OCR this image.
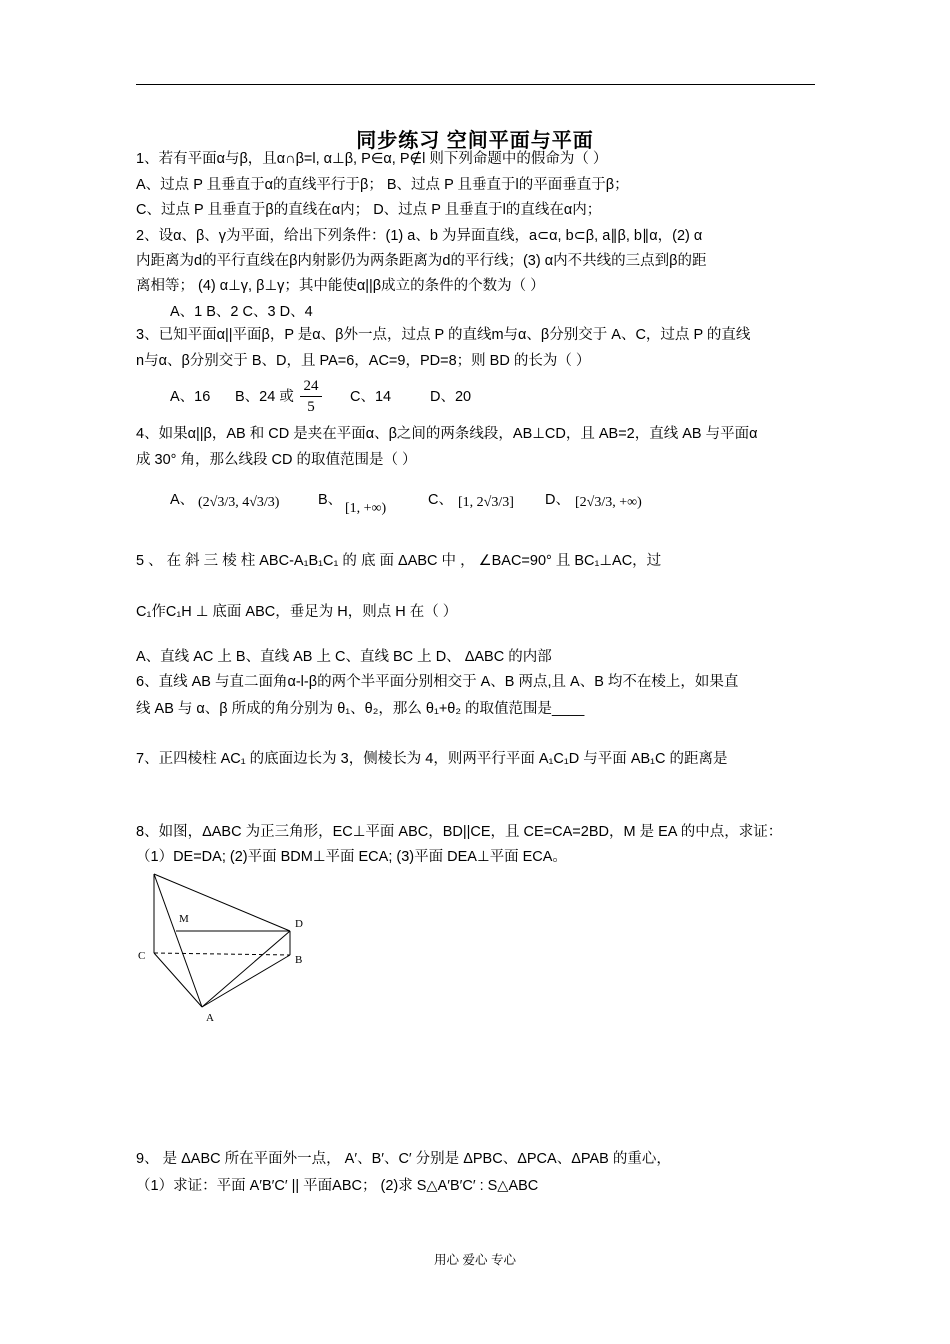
同步练习 空间平面与平面
1、若有平面α与β，且α∩β=l, α⊥β, P∈α, P∉l 则下列命题中的假命为（ ）
A、过点 P 且垂直于α的直线平行于β； B、过点 P 且垂直于l的平面垂直于β；
C、过点 P 且垂直于β的直线在α内； D、过点 P 且垂直于l的直线在α内；
2、设α、β、γ为平面，给出下列条件：(1) a、b 为异面直线，a⊂α, b⊂β, a∥β, b∥α，(2) α
内距离为d的平行直线在β内射影仍为两条距离为d的平行线；(3) α内不共线的三点到β的距
离相等； (4) α⊥γ, β⊥γ；其中能使α||β成立的条件的个数为（ ）
A、1 B、2 C、3 D、4
3、已知平面α||平面β，P 是α、β外一点，过点 P 的直线m与α、β分别交于 A、C，过点 P 的直线
n与α、β分别交于 B、D，且 PA=6，AC=9，PD=8；则 BD 的长为（ ）
A、16 B、24 或
24
5
C、14	D、20
4、如果α||β，AB 和 CD 是夹在平面α、β之间的两条线段，AB⊥CD，且 AB=2，直线 AB 与平面α
成 30° 角，那么线段 CD 的取值范围是（ ）
A、 (2√3/3, 4√3/3)	B、
[1, +∞)
C、 [1, 2√3/3] D、 [2√3/3, +∞)
5 、 在 斜 三 棱 柱 ABC-A₁B₁C₁ 的 底 面 ΔABC 中 ， ∠BAC=90° 且 BC₁⊥AC，过
C₁作C₁H ⊥ 底面 ABC，垂足为 H，则点 H 在（ ）
A、直线 AC 上 B、直线 AB 上 C、直线 BC 上 D、 ΔABC 的内部
6、直线 AB 与直二面角α-l-β的两个半平面分别相交于 A、B 两点,且 A、B 均不在棱上，如果直
线 AB 与 α、β 所成的角分别为 θ₁、θ₂，那么 θ₁+θ₂ 的取值范围是____
7、正四棱柱 AC₁ 的底面边长为 3，侧棱长为 4，则两平行平面 A₁C₁D 与平面 AB₁C 的距离是
8、如图，ΔABC 为正三角形，EC⊥平面 ABC，BD||CE，且 CE=CA=2BD，M 是 EA 的中点，求证：
（1）DE=DA; (2)平面 BDM⊥平面 ECA; (3)平面 DEA⊥平面 ECA。
M	D
C	B
A
9、 是 ΔABC 所在平面外一点， A′、B′、C′ 分别是 ΔPBC、ΔPCA、ΔPAB 的重心，
（1）求证：平面 A′B′C′ || 平面ABC； (2)求 S△A′B′C′ : S△ABC
用心 爱心 专心
